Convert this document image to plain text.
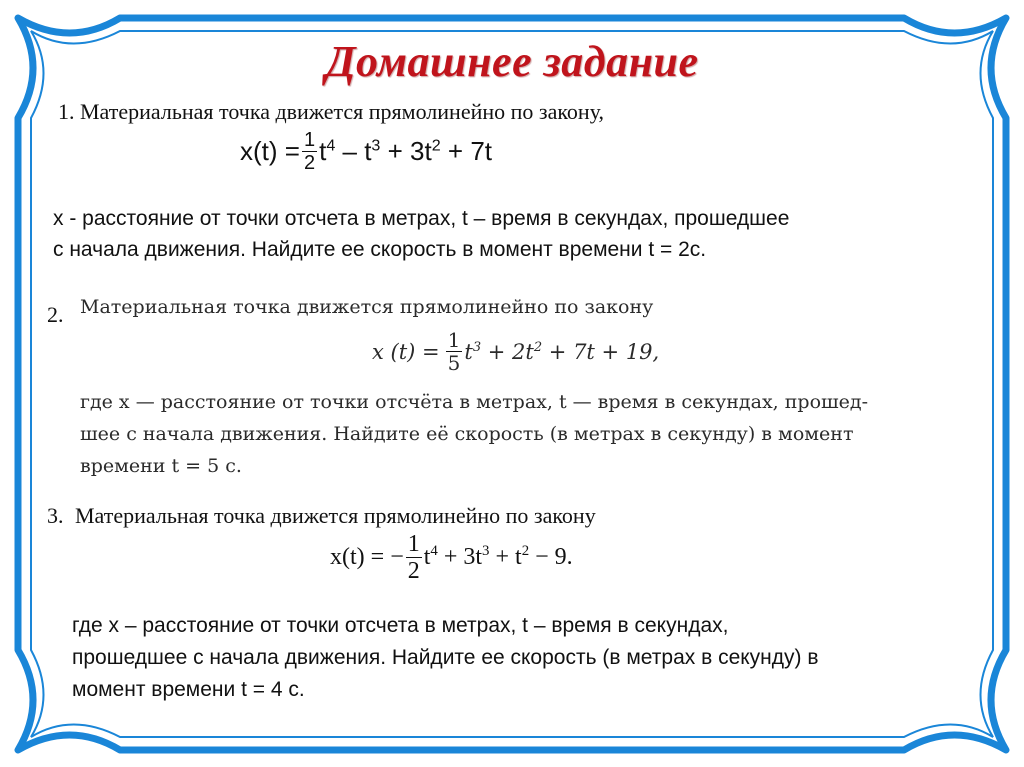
Домашнее задание
1. Материальная точка движется прямолинейно по закону,
$x(t) = \frac{1}{2} t^4 - t^3 + 3t^2 + 7t$
x - расстояние от точки отсчета в метрах, t – время в секундах, прошедшее
с начала движения. Найдите ее скорость в момент времени t = 2с.
2. Материальная точка движется прямолинейно по закону
x $(t) = \frac{1}{5} t^3 + 2t^2 + 7t + 19$,
где x — расстояние от точки отсчёта в метрах, t — время в секундах, прошед-
шее с начала движения. Найдите её скорость (в метрах в секунду) в момент
времени t = 5 с.
3. Материальная точка движется прямолинейно по закону
x(t) = − $\frac{1}{2} t^4 + 3t^3 + t^2 - 9$.
где x – расстояние от точки отсчета в метрах, t – время в секундах,
прошедшее с начала движения. Найдите ее скорость (в метрах в секунду) в
момент времени t = 4 с.
